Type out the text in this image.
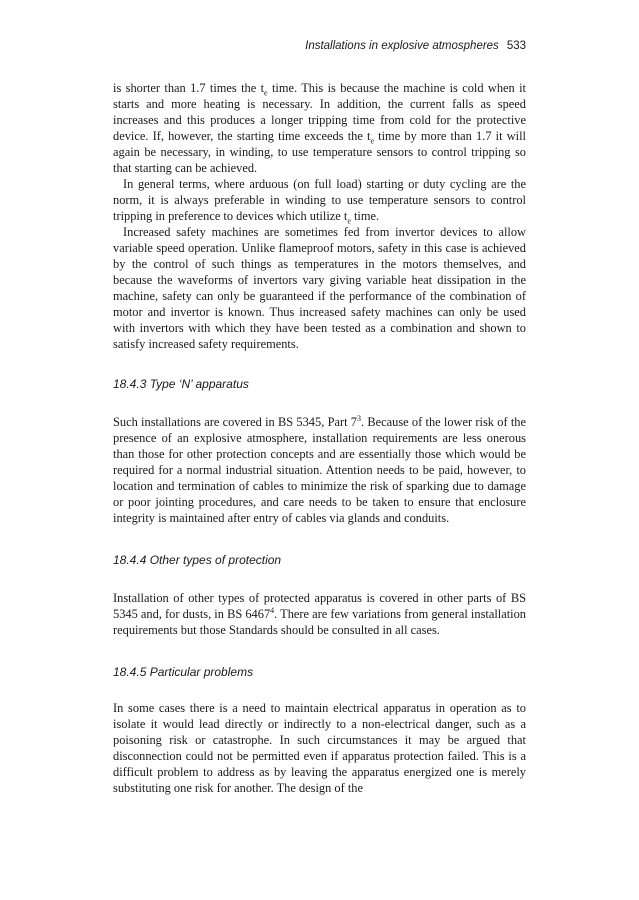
Installations in explosive atmospheres 533

is shorter than 1.7 times the $t_e$ time. This is because the machine is cold when it starts and more heating is necessary. In addition, the current falls as speed increases and this produces a longer tripping time from cold for the protective device. If, however, the starting time exceeds the $t_e$ time by more than 1.7 it will again be necessary, in winding, to use temperature sensors to control tripping so that starting can be achieved.

In general terms, where arduous (on full load) starting or duty cycling are the norm, it is always preferable in winding to use temperature sensors to control tripping in preference to devices which utilize $t_e$ time.

Increased safety machines are sometimes fed from invertor devices to allow variable speed operation. Unlike flameproof motors, safety in this case is achieved by the control of such things as temperatures in the motors themselves, and because the waveforms of invertors vary giving variable heat dissipation in the machine, safety can only be guaranteed if the performance of the combination of motor and invertor is known. Thus increased safety machines can only be used with invertors with which they have been tested as a combination and shown to satisfy increased safety requirements.

18.4.3 Type ‘N’ apparatus

Such installations are covered in BS 5345, Part $7^3$. Because of the lower risk of the presence of an explosive atmosphere, installation requirements are less onerous than those for other protection concepts and are essentially those which would be required for a normal industrial situation. Attention needs to be paid, however, to location and termination of cables to minimize the risk of sparking due to damage or poor jointing procedures, and care needs to be taken to ensure that enclosure integrity is maintained after entry of cables via glands and conduits.

18.4.4 Other types of protection

Installation of other types of protected apparatus is covered in other parts of BS 5345 and, for dusts, in BS 6467$^4$. There are few variations from general installation requirements but those Standards should be consulted in all cases.

18.4.5 Particular problems

In some cases there is a need to maintain electrical apparatus in operation as to isolate it would lead directly or indirectly to a non-electrical danger, such as a poisoning risk or catastrophe. In such circumstances it may be argued that disconnection could not be permitted even if apparatus protection failed. This is a difficult problem to address as by leaving the apparatus energized one is merely substituting one risk for another. The design of the
